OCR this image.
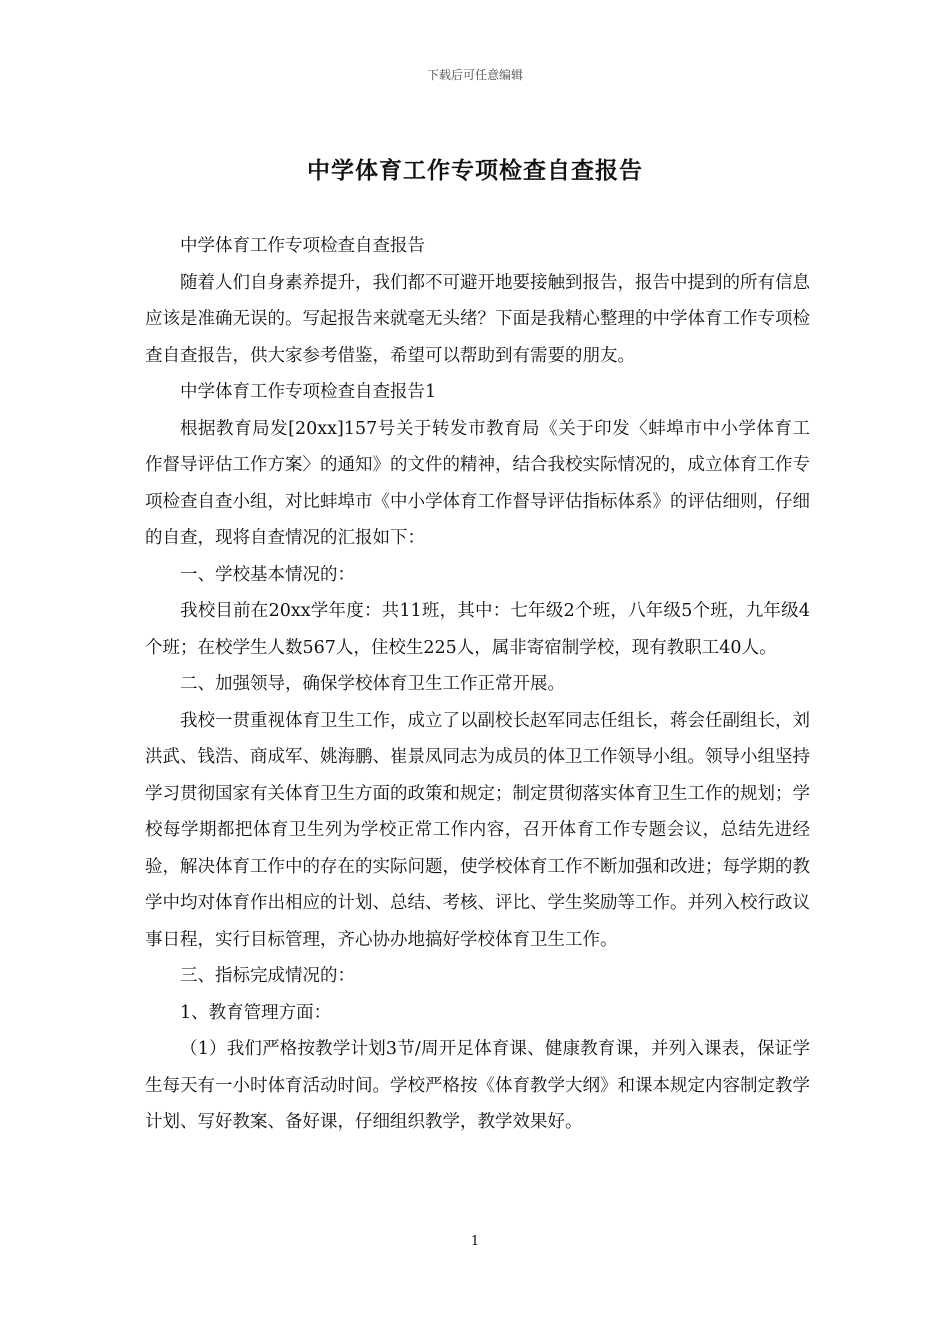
下载后可任意编辑
中学体育工作专项检查自查报告

中学体育工作专项检查自查报告

随着人们自身素养提升，我们都不可避开地要接触到报告，报告中提到的所有信息应该是准确无误的。写起报告来就毫无头绪？下面是我精心整理的中学体育工作专项检查自查报告，供大家参考借鉴，希望可以帮助到有需要的朋友。

中学体育工作专项检查自查报告1

根据教育局发[20xx]157号关于转发市教育局《关于印发〈蚌埠市中小学体育工作督导评估工作方案〉的通知》的文件的精神，结合我校实际情况的，成立体育工作专项检查自查小组，对比蚌埠市《中小学体育工作督导评估指标体系》的评估细则，仔细的自查，现将自查情况的汇报如下：

一、学校基本情况的：

我校目前在20xx学年度：共11班，其中：七年级2个班，八年级5个班，九年级4个班；在校学生人数567人，住校生225人，属非寄宿制学校，现有教职工40人。

二、加强领导，确保学校体育卫生工作正常开展。

我校一贯重视体育卫生工作，成立了以副校长赵军同志任组长，蒋会任副组长，刘洪武、钱浩、商成军、姚海鹏、崔景凤同志为成员的体卫工作领导小组。领导小组坚持学习贯彻国家有关体育卫生方面的政策和规定；制定贯彻落实体育卫生工作的规划；学校每学期都把体育卫生列为学校正常工作内容，召开体育工作专题会议，总结先进经验，解决体育工作中的存在的实际问题，使学校体育工作不断加强和改进；每学期的教学中均对体育作出相应的计划、总结、考核、评比、学生奖励等工作。并列入校行政议事日程，实行目标管理，齐心协办地搞好学校体育卫生工作。

三、指标完成情况的：

1、教育管理方面：

（1）我们严格按教学计划3节/周开足体育课、健康教育课，并列入课表，保证学生每天有一小时体育活动时间。学校严格按《体育教学大纲》和课本规定内容制定教学计划、写好教案、备好课，仔细组织教学，教学效果好。

1
